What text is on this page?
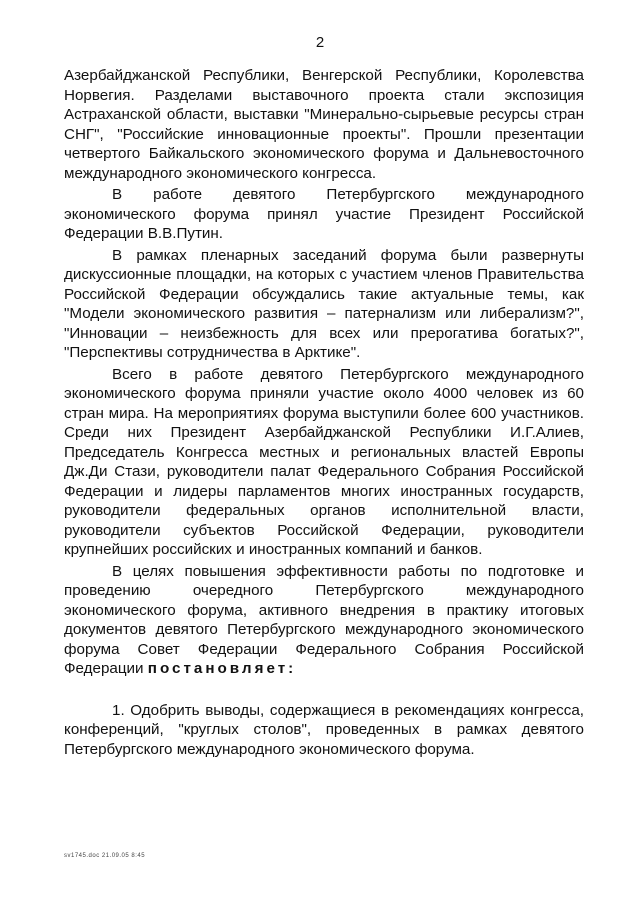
2

Азербайджанской Республики, Венгерской Республики, Королевства Норвегия. Разделами выставочного проекта стали экспозиция Астраханской области, выставки "Минерально-сырьевые ресурсы стран СНГ", "Российские инновационные проекты". Прошли презентации четвертого Байкальского экономического форума и Дальневосточного международного экономического конгресса.

В работе девятого Петербургского международного экономического форума принял участие Президент Российской Федерации В.В.Путин.

В рамках пленарных заседаний форума были развернуты дискуссионные площадки, на которых с участием членов Правительства Российской Федерации обсуждались такие актуальные темы, как "Модели экономического развития – патернализм или либерализм?", "Инновации – неизбежность для всех или прерогатива богатых?", "Перспективы сотрудничества в Арктике".

Всего в работе девятого Петербургского международного экономического форума приняли участие около 4000 человек из 60 стран мира. На мероприятиях форума выступили более 600 участников. Среди них Президент Азербайджанской Республики И.Г.Алиев, Председатель Конгресса местных и региональных властей Европы Дж.Ди Стази, руководители палат Федерального Собрания Российской Федерации и лидеры парламентов многих иностранных государств, руководители федеральных органов исполнительной власти, руководители субъектов Российской Федерации, руководители крупнейших российских и иностранных компаний и банков.

В целях повышения эффективности работы по подготовке и проведению очередного Петербургского международного экономического форума, активного внедрения в практику итоговых документов девятого Петербургского международного экономического форума Совет Федерации Федерального Собрания Российской Федерации постановляет:

1. Одобрить выводы, содержащиеся в рекомендациях конгресса, конференций, "круглых столов", проведенных в рамках девятого Петербургского международного экономического форума.

sv1745.doc 21.09.05 8:45
